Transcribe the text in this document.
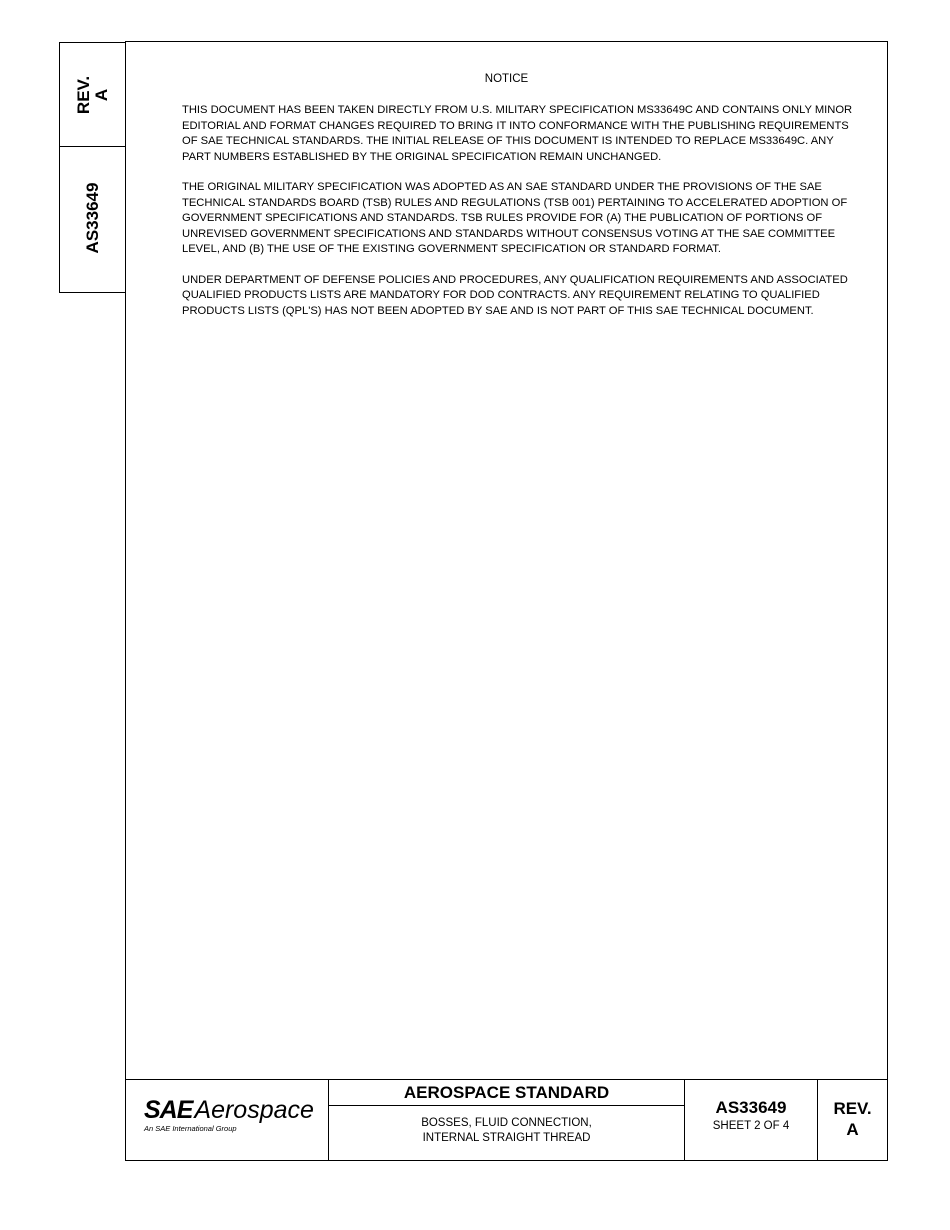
REV.
A
AS33649
NOTICE

THIS DOCUMENT HAS BEEN TAKEN DIRECTLY FROM U.S. MILITARY SPECIFICATION MS33649C AND CONTAINS ONLY MINOR EDITORIAL AND FORMAT CHANGES REQUIRED TO BRING IT INTO CONFORMANCE WITH THE PUBLISHING REQUIREMENTS OF SAE TECHNICAL STANDARDS. THE INITIAL RELEASE OF THIS DOCUMENT IS INTENDED TO REPLACE MS33649C. ANY PART NUMBERS ESTABLISHED BY THE ORIGINAL SPECIFICATION REMAIN UNCHANGED.

THE ORIGINAL MILITARY SPECIFICATION WAS ADOPTED AS AN SAE STANDARD UNDER THE PROVISIONS OF THE SAE TECHNICAL STANDARDS BOARD (TSB) RULES AND REGULATIONS (TSB 001) PERTAINING TO ACCELERATED ADOPTION OF GOVERNMENT SPECIFICATIONS AND STANDARDS. TSB RULES PROVIDE FOR (A) THE PUBLICATION OF PORTIONS OF UNREVISED GOVERNMENT SPECIFICATIONS AND STANDARDS WITHOUT CONSENSUS VOTING AT THE SAE COMMITTEE LEVEL, AND (B) THE USE OF THE EXISTING GOVERNMENT SPECIFICATION OR STANDARD FORMAT.

UNDER DEPARTMENT OF DEFENSE POLICIES AND PROCEDURES, ANY QUALIFICATION REQUIREMENTS AND ASSOCIATED QUALIFIED PRODUCTS LISTS ARE MANDATORY FOR DOD CONTRACTS. ANY REQUIREMENT RELATING TO QUALIFIED PRODUCTS LISTS (QPL'S) HAS NOT BEEN ADOPTED BY SAE AND IS NOT PART OF THIS SAE TECHNICAL DOCUMENT.

SAEAerospace
An SAE International Group
AEROSPACE STANDARD
BOSSES, FLUID CONNECTION,
INTERNAL STRAIGHT THREAD
AS33649
SHEET 2 OF 4
REV.
A
